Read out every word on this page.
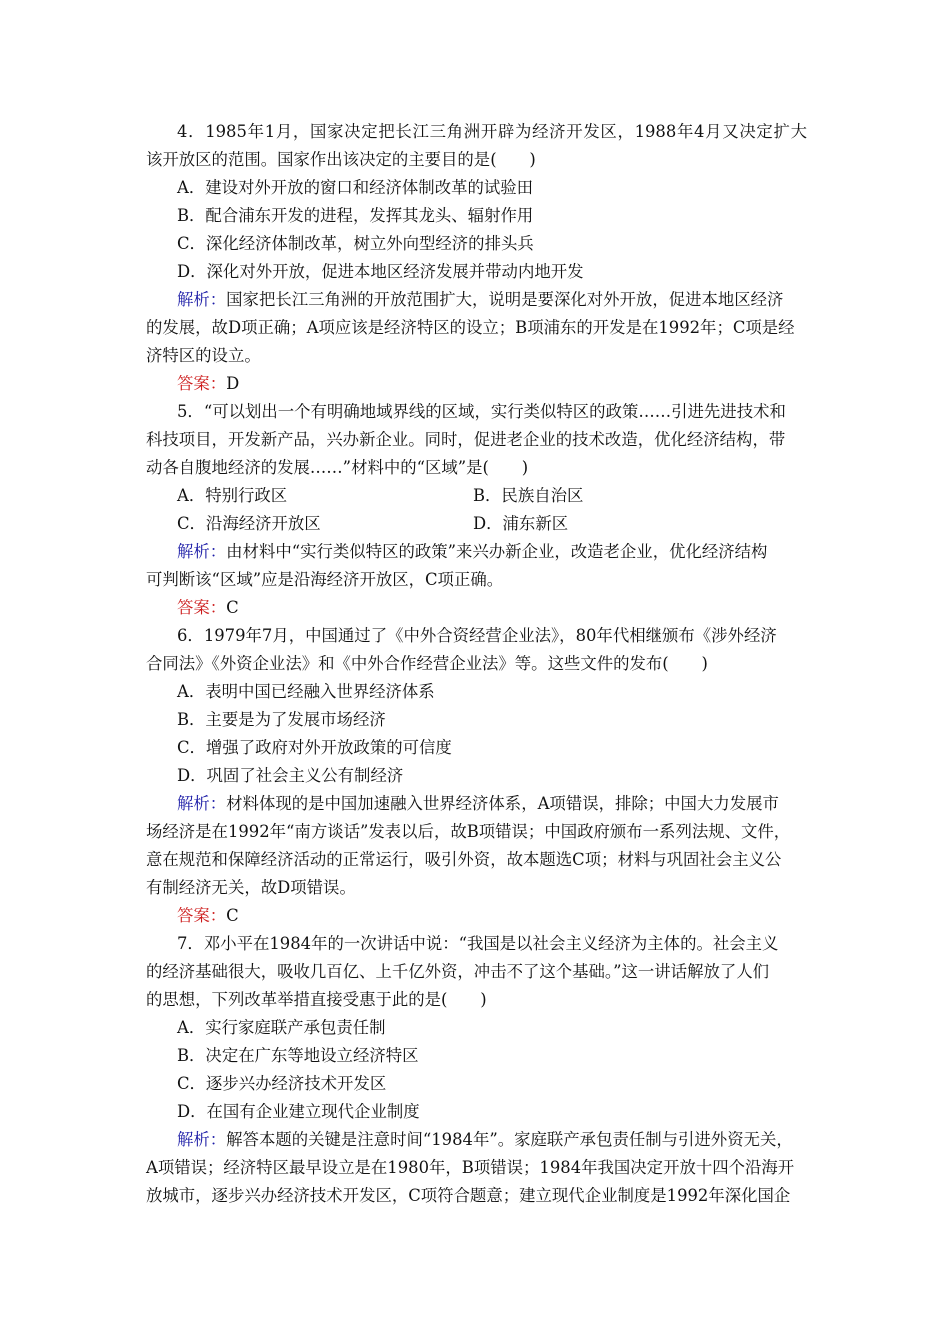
4．1985年1月，国家决定把长江三角洲开辟为经济开发区，1988年4月又决定扩大
该开放区的范围。国家作出该决定的主要目的是(　　)
A．建设对外开放的窗口和经济体制改革的试验田
B．配合浦东开发的进程，发挥其龙头、辐射作用
C．深化经济体制改革，树立外向型经济的排头兵
D．深化对外开放，促进本地区经济发展并带动内地开发
解析：国家把长江三角洲的开放范围扩大，说明是要深化对外开放，促进本地区经济
的发展，故D项正确；A项应该是经济特区的设立；B项浦东的开发是在1992年；C项是经
济特区的设立。
答案：D
5．“可以划出一个有明确地域界线的区域，实行类似特区的政策……引进先进技术和
科技项目，开发新产品，兴办新企业。同时，促进老企业的技术改造，优化经济结构，带
动各自腹地经济的发展……”材料中的“区域”是(　　)
A．特别行政区	B．民族自治区
C．沿海经济开放区	D．浦东新区
解析：由材料中“实行类似特区的政策”来兴办新企业，改造老企业，优化经济结构
可判断该“区域”应是沿海经济开放区，C项正确。
答案：C
6．1979年7月，中国通过了《中外合资经营企业法》，80年代相继颁布《涉外经济
合同法》《外资企业法》和《中外合作经营企业法》等。这些文件的发布(　　)
A．表明中国已经融入世界经济体系
B．主要是为了发展市场经济
C．增强了政府对外开放政策的可信度
D．巩固了社会主义公有制经济
解析：材料体现的是中国加速融入世界经济体系，A项错误，排除；中国大力发展市
场经济是在1992年“南方谈话”发表以后，故B项错误；中国政府颁布一系列法规、文件，
意在规范和保障经济活动的正常运行，吸引外资，故本题选C项；材料与巩固社会主义公
有制经济无关，故D项错误。
答案：C
7．邓小平在1984年的一次讲话中说：“我国是以社会主义经济为主体的。社会主义
的经济基础很大，吸收几百亿、上千亿外资，冲击不了这个基础。”这一讲话解放了人们
的思想，下列改革举措直接受惠于此的是(　　)
A．实行家庭联产承包责任制
B．决定在广东等地设立经济特区
C．逐步兴办经济技术开发区
D．在国有企业建立现代企业制度
解析：解答本题的关键是注意时间“1984年”。家庭联产承包责任制与引进外资无关，
A项错误；经济特区最早设立是在1980年，B项错误；1984年我国决定开放十四个沿海开
放城市，逐步兴办经济技术开发区，C项符合题意；建立现代企业制度是1992年深化国企
